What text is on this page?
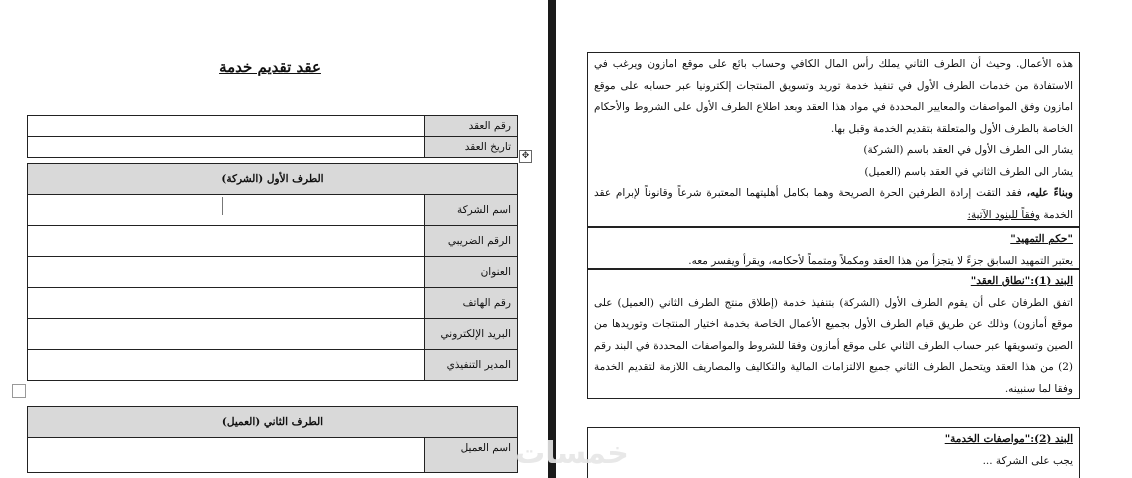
عقد تقديم خدمة
رقم العقد	
تاريخ العقد	
✥
الطرف الأول (الشركة)	
اسم الشركة	
الرقم الضريبي	
العنوان	
رقم الهاتف	
البريد الإلكتروني	
المدير التنفيذي	
الطرف الثاني (العميل)
اسم العميل	

هذه الأعمال. وحيث أن الطرف الثاني يملك رأس المال الكافي وحساب بائع على موقع امازون ويرغب في الاستفادة من خدمات الطرف الأول في تنفيذ خدمة توريد وتسويق المنتجات إلكترونيا عبر حسابه على موقع امازون وفق المواصفات والمعايير المحددة في مواد هذا العقد وبعد اطلاع الطرف الأول على الشروط والأحكام الخاصة بالطرف الأول والمتعلقة بتقديم الخدمة وقبل بها.

يشار الى الطرف الأول في العقد باسم (الشركة)

يشار الى الطرف الثاني في العقد باسم (العميل)

وبناءً عليه، فقد التقت إرادة الطرفين الحرة الصريحة وهما بكامل أهليتهما المعتبرة شرعاً وقانوناً لإبرام عقد الخدمة وفقاً للبنود الآتية:

"حكم التمهيد"

يعتبر التمهيد السابق جزءً لا يتجزأ من هذا العقد ومكملاً ومتمماً لأحكامه، ويقرأ ويفسر معه.

البند (1):"نطاق العقد"

اتفق الطرفان على أن يقوم الطرف الأول (الشركة) بتنفيذ خدمة (إطلاق منتج الطرف الثاني (العميل) على موقع أمازون) وذلك عن طريق قيام الطرف الأول بجميع الأعمال الخاصة بخدمة اختيار المنتجات وتوريدها من الصين وتسويقها عبر حساب الطرف الثاني على موقع أمازون وفقا للشروط والمواصفات المحددة في البند رقم (2) من هذا العقد ويتحمل الطرف الثاني جميع الالتزامات المالية والتكاليف والمصاريف اللازمة لتقديم الخدمة وفقا لما سنبينه.

البند (2):"مواصفات الخدمة"

يجب على الشركة ...

خمسات
